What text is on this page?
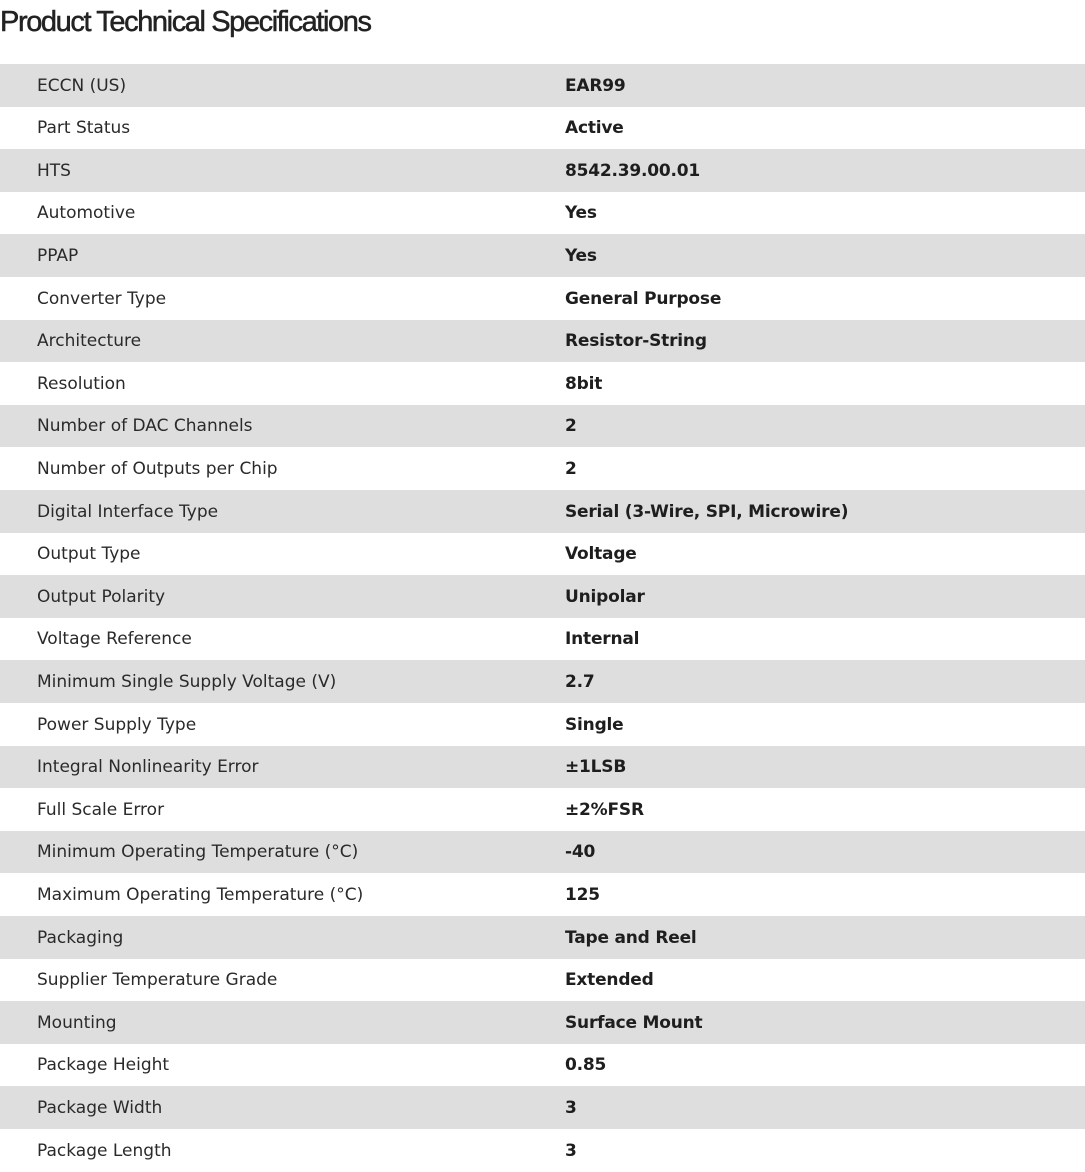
Product Technical Specifications
ECCN (US)	EAR99
Part Status	Active
HTS	8542.39.00.01
Automotive	Yes
PPAP	Yes
Converter Type	General Purpose
Architecture	Resistor-String
Resolution	8bit
Number of DAC Channels	2
Number of Outputs per Chip	2
Digital Interface Type	Serial (3-Wire, SPI, Microwire)
Output Type	Voltage
Output Polarity	Unipolar
Voltage Reference	Internal
Minimum Single Supply Voltage (V)	2.7
Power Supply Type	Single
Integral Nonlinearity Error	±1LSB
Full Scale Error	±2%FSR
Minimum Operating Temperature (°C)	-40
Maximum Operating Temperature (°C)	125
Packaging	Tape and Reel
Supplier Temperature Grade	Extended
Mounting	Surface Mount
Package Height	0.85
Package Width	3
Package Length	3
